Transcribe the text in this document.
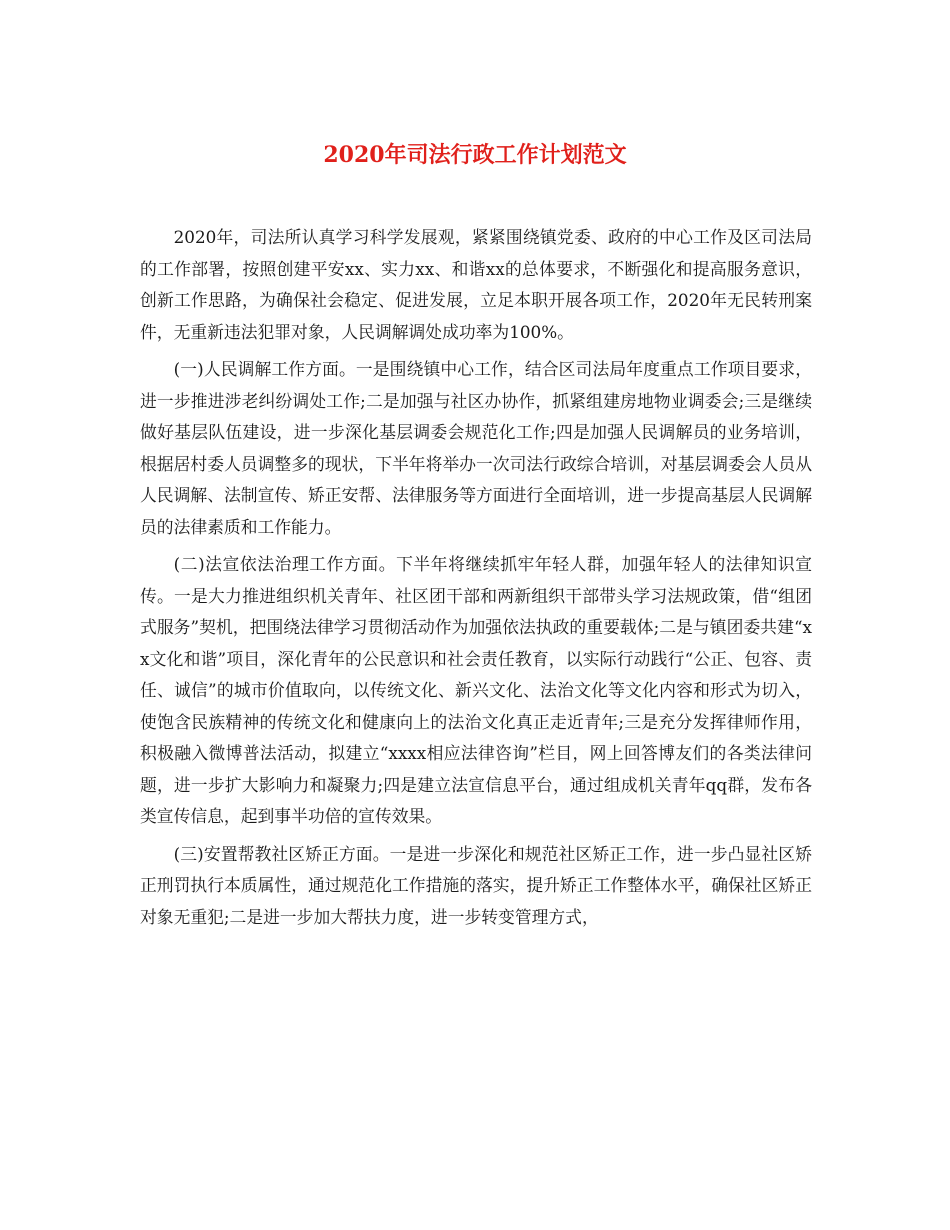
2020年司法行政工作计划范文

2020年，司法所认真学习科学发展观，紧紧围绕镇党委、政府的中心工作及区司法局的工作部署，按照创建平安xx、实力xx、和谐xx的总体要求，不断强化和提高服务意识，创新工作思路，为确保社会稳定、促进发展，立足本职开展各项工作，2020年无民转刑案件，无重新违法犯罪对象，人民调解调处成功率为100%。

(一)人民调解工作方面。一是围绕镇中心工作，结合区司法局年度重点工作项目要求，进一步推进涉老纠纷调处工作;二是加强与社区办协作，抓紧组建房地物业调委会;三是继续做好基层队伍建设，进一步深化基层调委会规范化工作;四是加强人民调解员的业务培训，根据居村委人员调整多的现状，下半年将举办一次司法行政综合培训，对基层调委会人员从人民调解、法制宣传、矫正安帮、法律服务等方面进行全面培训，进一步提高基层人民调解员的法律素质和工作能力。

(二)法宣依法治理工作方面。下半年将继续抓牢年轻人群，加强年轻人的法律知识宣传。一是大力推进组织机关青年、社区团干部和两新组织干部带头学习法规政策，借“组团式服务”契机，把围绕法律学习贯彻活动作为加强依法执政的重要载体;二是与镇团委共建“xx文化和谐”项目，深化青年的公民意识和社会责任教育，以实际行动践行“公正、包容、责任、诚信”的城市价值取向，以传统文化、新兴文化、法治文化等文化内容和形式为切入，使饱含民族精神的传统文化和健康向上的法治文化真正走近青年;三是充分发挥律师作用，积极融入微博普法活动，拟建立“xxxx相应法律咨询”栏目，网上回答博友们的各类法律问题，进一步扩大影响力和凝聚力;四是建立法宣信息平台，通过组成机关青年qq群，发布各类宣传信息，起到事半功倍的宣传效果。

(三)安置帮教社区矫正方面。一是进一步深化和规范社区矫正工作，进一步凸显社区矫正刑罚执行本质属性，通过规范化工作措施的落实，提升矫正工作整体水平，确保社区矫正对象无重犯;二是进一步加大帮扶力度，进一步转变管理方式，
